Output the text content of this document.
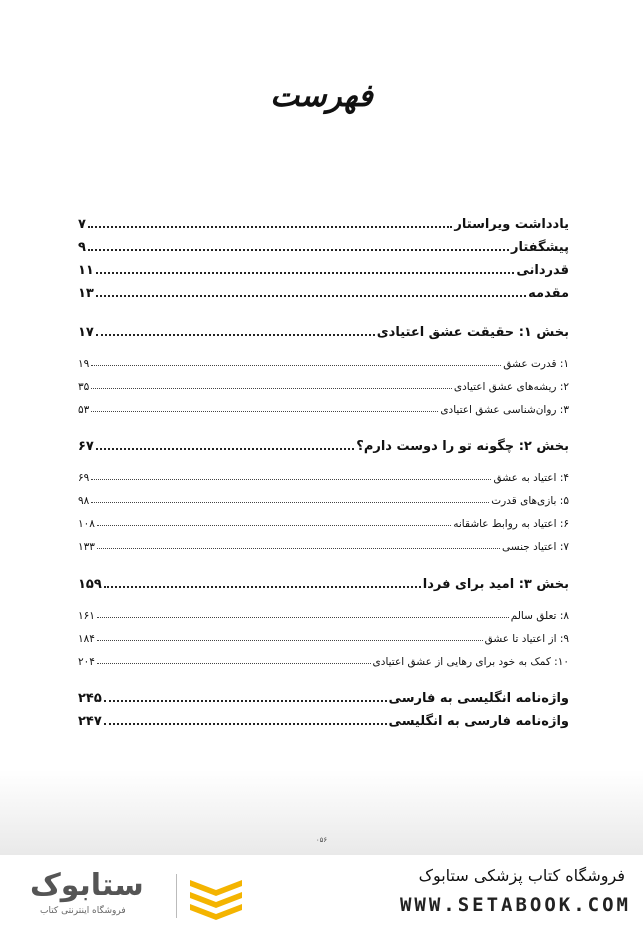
فهرست
یادداشت ویراستار
۷
پیشگفتار
۹
قدردانی
۱۱
مقدمه
۱۳
بخش ۱: حقیقت عشق اعتیادی
۱۷
۱: قدرت عشق
۱۹
۲: ریشه‌های عشق اعتیادی
۳۵
۳: روان‌شناسی عشق اعتیادی
۵۳
بخش ۲: چگونه تو را دوست دارم؟
۶۷
۴: اعتیاد به عشق
۶۹
۵: بازی‌های قدرت
۹۸
۶: اعتیاد به روابط عاشقانه
۱۰۸
۷: اعتیاد جنسی
۱۳۳
بخش ۳: امید برای فردا
۱۵۹
۸: تعلق سالم
۱۶۱
۹: از اعتیاد تا عشق
۱۸۴
۱۰: کمک به خود برای رهایی از عشق اعتیادی
۲۰۴
واژه‌نامه انگلیسی به فارسی
۲۴۵
واژه‌نامه فارسی به انگلیسی
۲۴۷
۰۵۶
ستابوک
فروشگاه اینترنتی کتاب
فروشگاه کتاب پزشکی ستابوک
WWW.SETABOOK.COM
